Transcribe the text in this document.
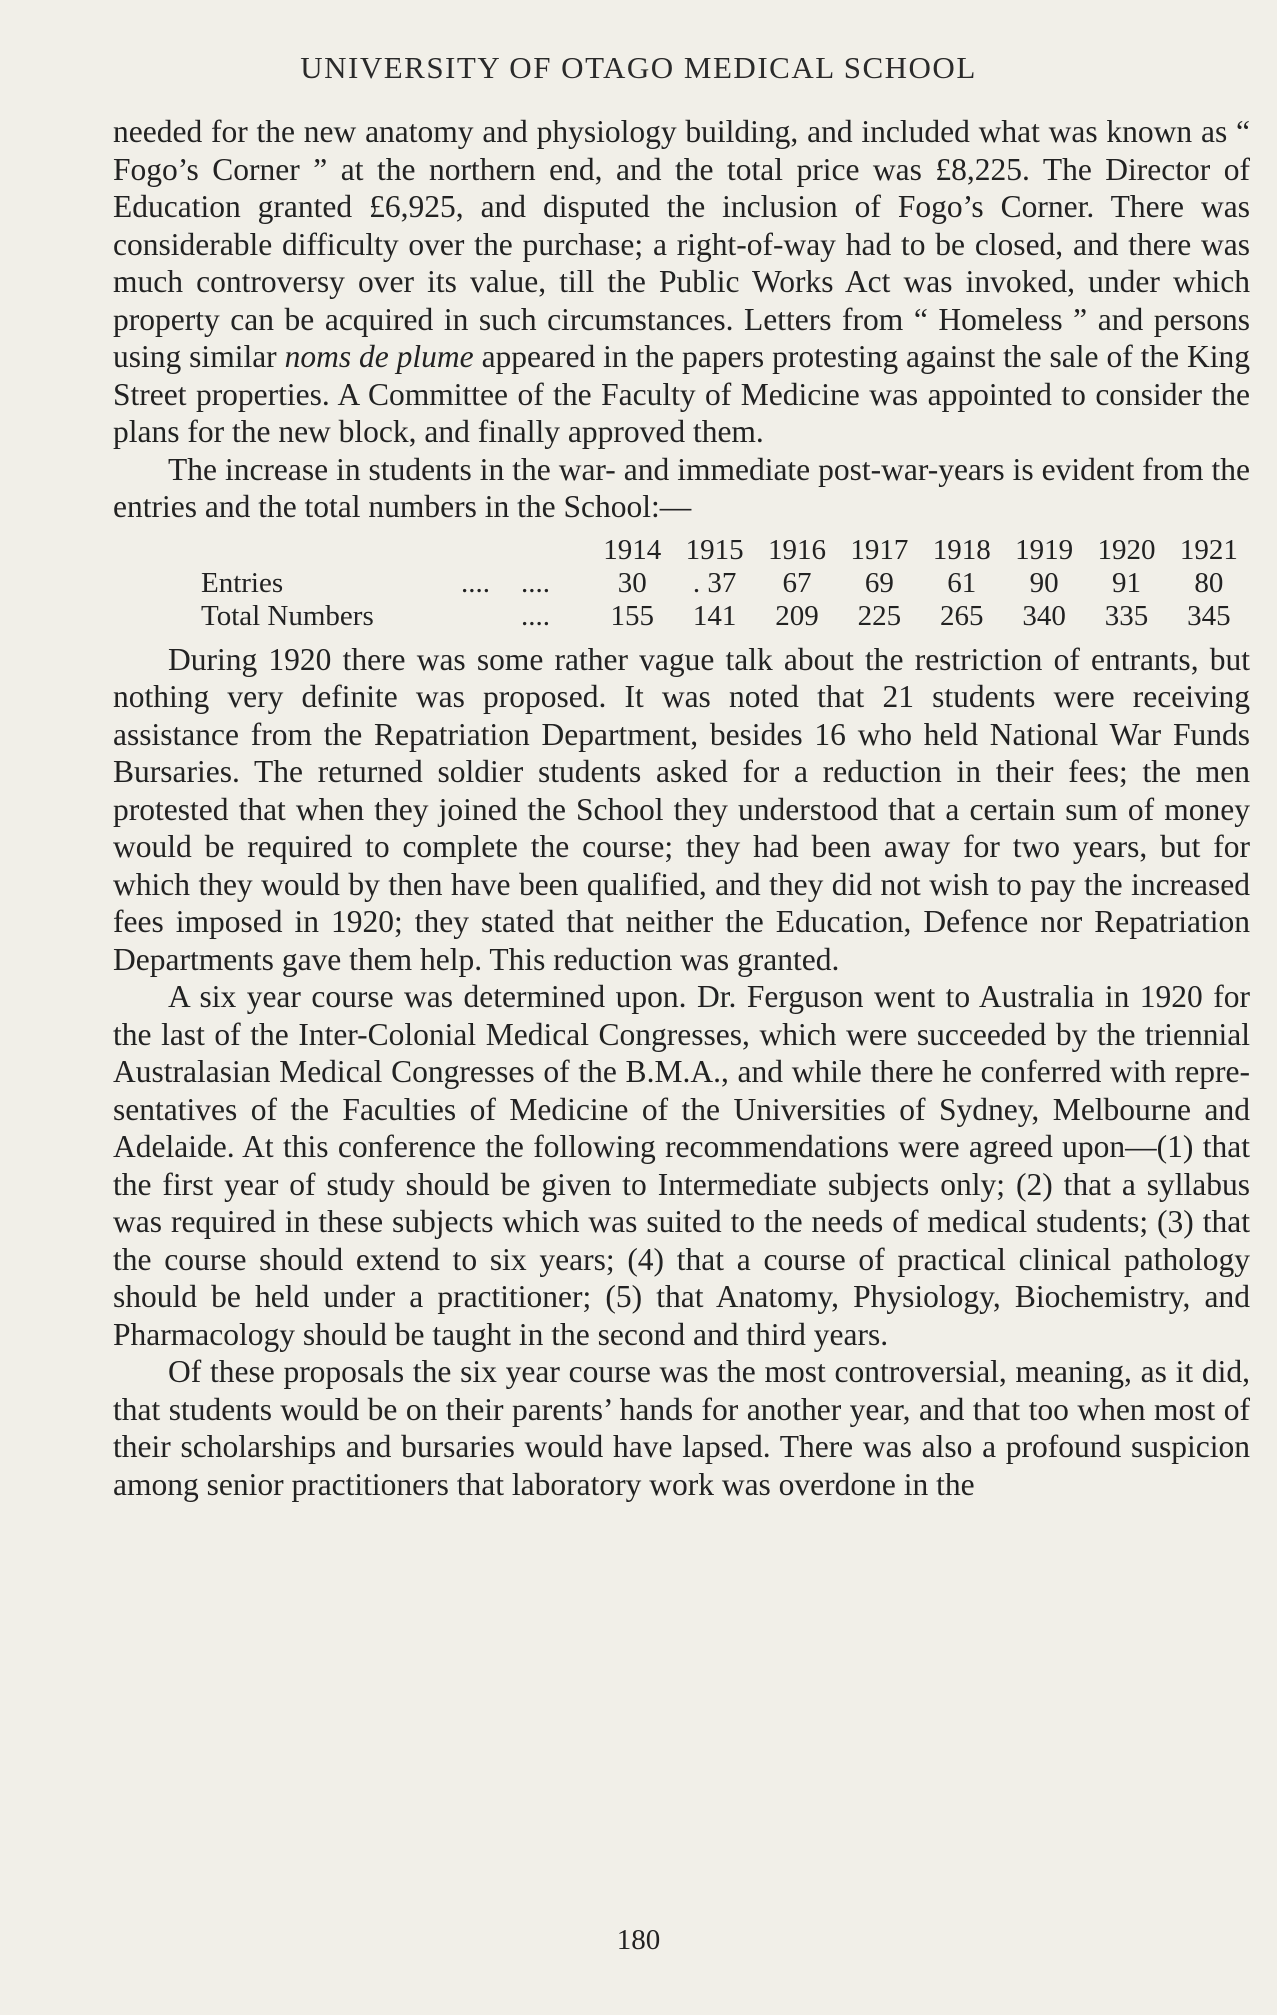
UNIVERSITY OF OTAGO MEDICAL SCHOOL

needed for the new anatomy and physiology building, and included what was known as “ Fogo’s Corner ” at the northern end, and the total price was £8,225. The Director of Education granted £6,925, and disputed the inclusion of Fogo’s Corner. There was considerable difficulty over the purchase; a right-of-way had to be closed, and there was much controversy over its value, till the Public Works Act was invoked, under which property can be acquired in such circumstances. Letters from “ Homeless ” and persons using similar noms de plume appeared in the papers protesting against the sale of the King Street properties. A Committee of the Faculty of Medicine was appointed to consider the plans for the new block, and finally approved them.

The increase in students in the war- and immediate post-war-years is evident from the entries and the total numbers in the School:—

			1914	1915	1916	1917	1918	1919	1920	1921
Entries	....	....	30	. 37	67	69	61	90	91	80
Total Numbers		....	155	141	209	225	265	340	335	345

During 1920 there was some rather vague talk about the restriction of entrants, but nothing very definite was proposed. It was noted that 21 students were receiving assistance from the Repatriation Department, besides 16 who held National War Funds Bursaries. The returned soldier students asked for a reduction in their fees; the men protested that when they joined the School they understood that a certain sum of money would be required to complete the course; they had been away for two years, but for which they would by then have been qualified, and they did not wish to pay the increased fees imposed in 1920; they stated that neither the Education, Defence nor Repatriation Departments gave them help. This reduction was granted.

A six year course was determined upon. Dr. Ferguson went to Australia in 1920 for the last of the Inter-Colonial Medical Congresses, which were succeeded by the triennial Australasian Medical Congresses of the B.M.A., and while there he conferred with representatives of the Faculties of Medicine of the Universities of Sydney, Melbourne and Adelaide. At this conference the following recommendations were agreed upon—(1) that the first year of study should be given to Intermediate subjects only; (2) that a syllabus was required in these subjects which was suited to the needs of medical students; (3) that the course should extend to six years; (4) that a course of practical clinical pathology should be held under a practitioner; (5) that Anatomy, Physiology, Biochemistry, and Pharmacology should be taught in the second and third years.

Of these proposals the six year course was the most controversial, meaning, as it did, that students would be on their parents’ hands for another year, and that too when most of their scholarships and bursaries would have lapsed. There was also a profound suspicion among senior practitioners that laboratory work was overdone in the

180
